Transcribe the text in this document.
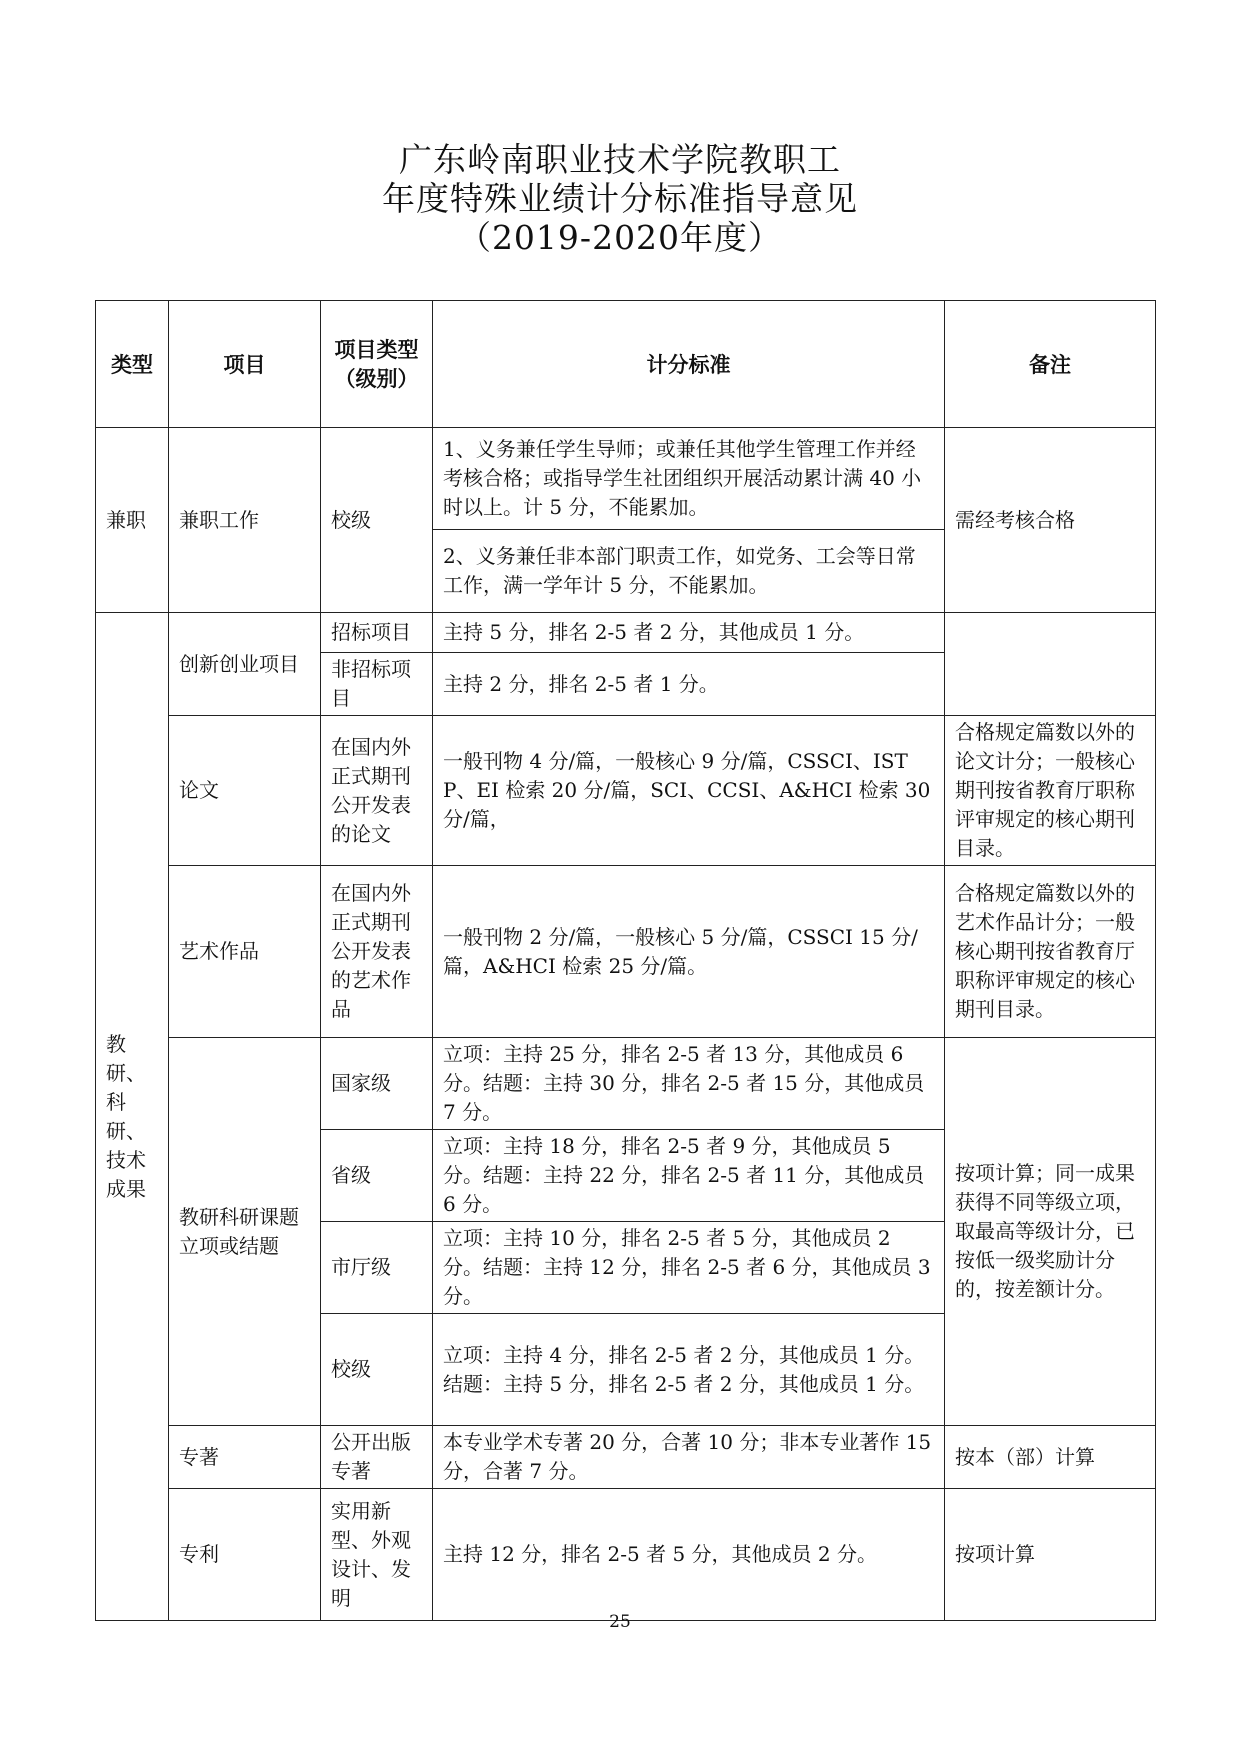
广东岭南职业技术学院教职工
年度特殊业绩计分标准指导意见
（2019-2020年度）
类型	项目	项目类型（级别）	计分标准	备注
兼职	兼职工作	校级	1、义务兼任学生导师；或兼任其他学生管理工作并经考核合格；或指导学生社团组织开展活动累计满 40 小时以上。计 5 分，不能累加。	需经考核合格
			2、义务兼任非本部门职责工作，如党务、工会等日常工作，满一学年计 5 分，不能累加。	
教研、科研、技术成果	创新创业项目	招标项目	主持 5 分，排名 2-5 者 2 分，其他成员 1 分。	
		非招标项目	主持 2 分，排名 2-5 者 1 分。	
	论文	在国内外正式期刊公开发表的论文	一般刊物 4 分/篇，一般核心 9 分/篇，CSSCI、ISTP、EI 检索 20 分/篇，SCI、CCSI、A&HCI 检索 30 分/篇，	合格规定篇数以外的论文计分；一般核心期刊按省教育厅职称评审规定的核心期刊目录。
	艺术作品	在国内外正式期刊公开发表的艺术作品	一般刊物 2 分/篇，一般核心 5 分/篇，CSSCI 15 分/篇，A&HCI 检索 25 分/篇。	合格规定篇数以外的艺术作品计分；一般核心期刊按省教育厅职称评审规定的核心期刊目录。
	教研科研课题立项或结题	国家级	立项：主持 25 分，排名 2-5 者 13 分，其他成员 6 分。结题：主持 30 分，排名 2-5 者 15 分，其他成员 7 分。	按项计算；同一成果获得不同等级立项，取最高等级计分，已按低一级奖励计分的，按差额计分。
		省级	立项：主持 18 分，排名 2-5 者 9 分，其他成员 5 分。结题：主持 22 分，排名 2-5 者 11 分，其他成员 6 分。	
		市厅级	立项：主持 10 分，排名 2-5 者 5 分，其他成员 2 分。结题：主持 12 分，排名 2-5 者 6 分，其他成员 3 分。	
		校级	立项：主持 4 分，排名 2-5 者 2 分，其他成员 1 分。结题：主持 5 分，排名 2-5 者 2 分，其他成员 1 分。	
	专著	公开出版专著	本专业学术专著 20 分，合著 10 分；非本专业著作 15 分，合著 7 分。	按本（部）计算
	专利	实用新型、外观设计、发明	主持 12 分，排名 2-5 者 5 分，其他成员 2 分。	按项计算
25
